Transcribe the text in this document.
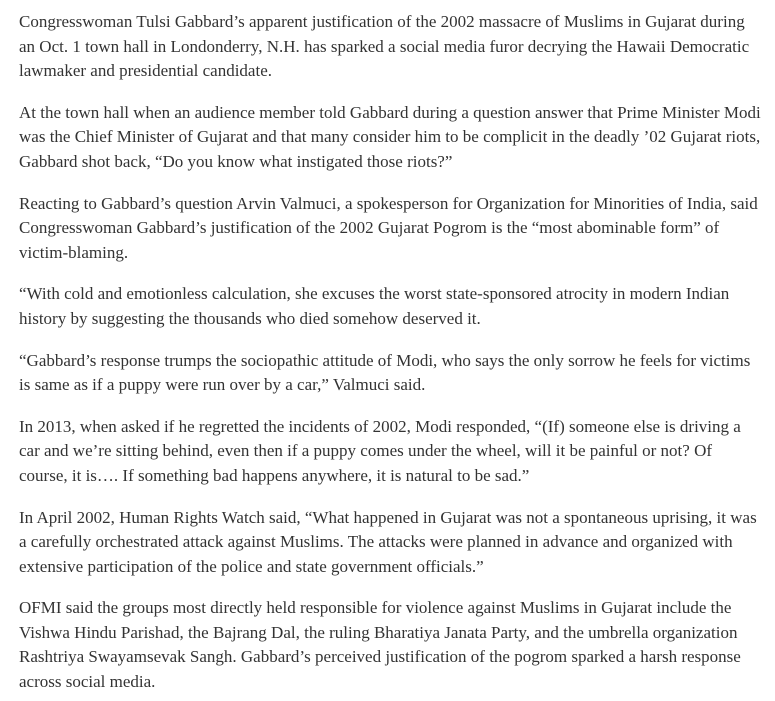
Congresswoman Tulsi Gabbard’s apparent justification of the 2002 massacre of Muslims in Gujarat during an Oct. 1 town hall in Londonderry, N.H. has sparked a social media furor decrying the Hawaii Democratic lawmaker and presidential candidate.

At the town hall when an audience member told Gabbard during a question answer that Prime Minister Modi was the Chief Minister of Gujarat and that many consider him to be complicit in the deadly ’02 Gujarat riots, Gabbard shot back, “Do you know what instigated those riots?”

Reacting to Gabbard’s question Arvin Valmuci, a spokesperson for Organization for Minorities of India, said Congresswoman Gabbard’s justification of the 2002 Gujarat Pogrom is the “most abominable form” of victim-blaming.

“With cold and emotionless calculation, she excuses the worst state-sponsored atrocity in modern Indian history by suggesting the thousands who died somehow deserved it.

“Gabbard’s response trumps the sociopathic attitude of Modi, who says the only sorrow he feels for victims is same as if a puppy were run over by a car,” Valmuci said.

In 2013, when asked if he regretted the incidents of 2002, Modi responded, “(If) someone else is driving a car and we’re sitting behind, even then if a puppy comes under the wheel, will it be painful or not? Of course, it is…. If something bad happens anywhere, it is natural to be sad.”

In April 2002, Human Rights Watch said, “What happened in Gujarat was not a spontaneous uprising, it was a carefully orchestrated attack against Muslims. The attacks were planned in advance and organized with extensive participation of the police and state government officials.”

OFMI said the groups most directly held responsible for violence against Muslims in Gujarat include the Vishwa Hindu Parishad, the Bajrang Dal, the ruling Bharatiya Janata Party, and the umbrella organization Rashtriya Swayamsevak Sangh. Gabbard’s perceived justification of the pogrom sparked a harsh response across social media.
